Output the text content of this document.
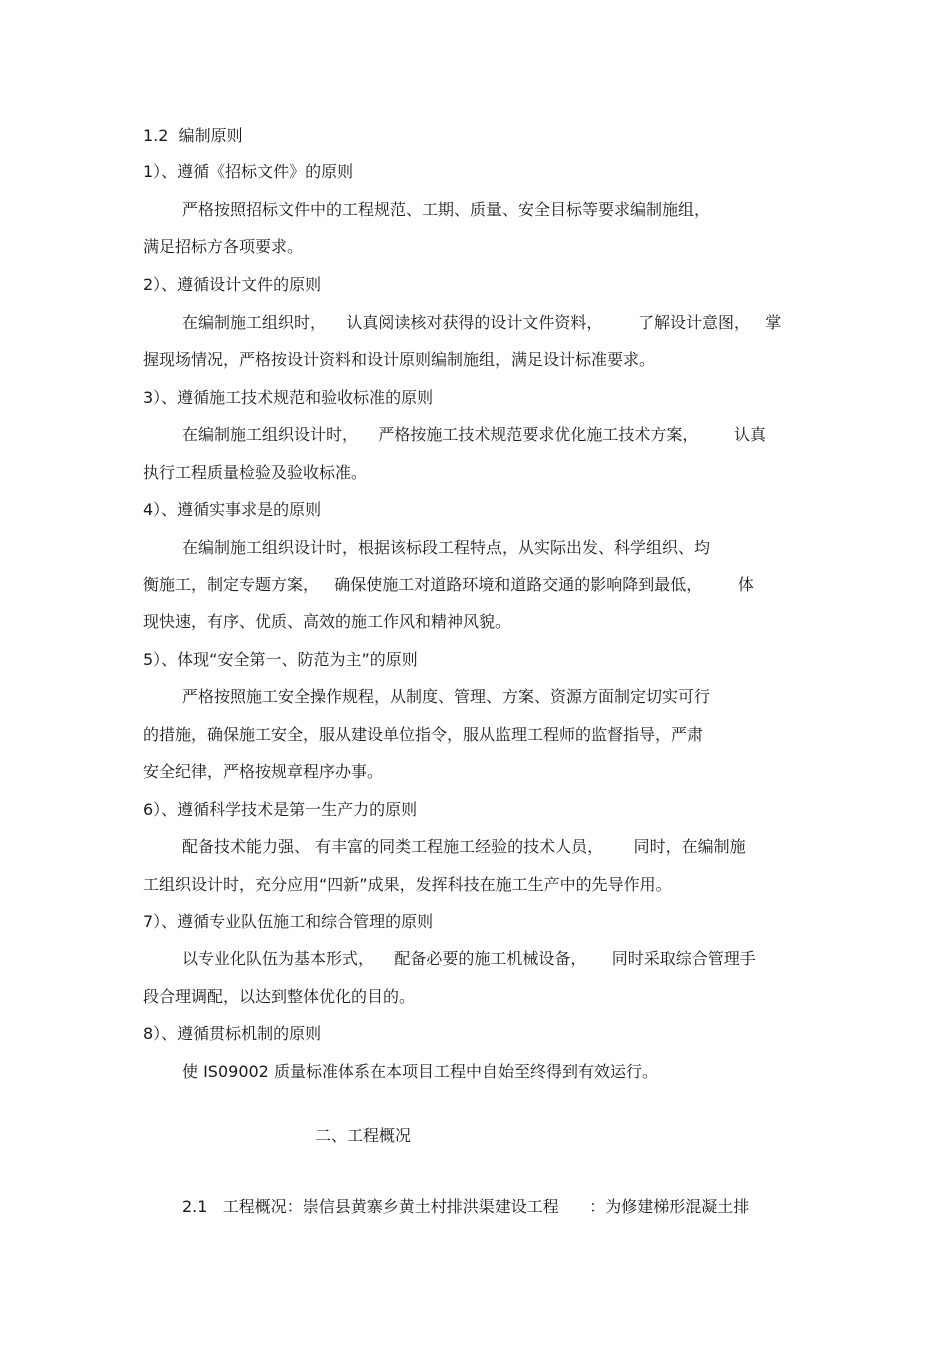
1.2  编制原则

1）、遵循《招标文件》的原则

严格按照招标文件中的工程规范、工期、质量、安全目标等要求编制施组，

满足招标方各项要求。

2）、遵循设计文件的原则

在编制施工组织时，    认真阅读核对获得的设计文件资料，       了解设计意图，   掌

握现场情况，严格按设计资料和设计原则编制施组，满足设计标准要求。

3）、遵循施工技术规范和验收标准的原则

在编制施工组织设计时，    严格按施工技术规范要求优化施工技术方案，       认真

执行工程质量检验及验收标准。

4）、遵循实事求是的原则

在编制施工组织设计时，根据该标段工程特点，从实际出发、科学组织、均

衡施工，制定专题方案，   确保使施工对道路环境和道路交通的影响降到最低，       体

现快速，有序、优质、高效的施工作风和精神风貌。

5）、体现“安全第一、防范为主”的原则

严格按照施工安全操作规程，从制度、管理、方案、资源方面制定切实可行

的措施，确保施工安全，服从建设单位指令，服从监理工程师的监督指导，严肃

安全纪律，严格按规章程序办事。

6）、遵循科学技术是第一生产力的原则

配备技术能力强、 有丰富的同类工程施工经验的技术人员，      同时，在编制施

工组织设计时，充分应用“四新”成果，发挥科技在施工生产中的先导作用。

7）、遵循专业队伍施工和综合管理的原则

以专业化队伍为基本形式，    配备必要的施工机械设备，     同时采取综合管理手

段合理调配，以达到整体优化的目的。

8）、遵循贯标机制的原则

使 IS09002 质量标准体系在本项目工程中自始至终得到有效运行。

二、工程概况

2.1   工程概况：崇信县黄寨乡黄土村排洪渠建设工程      ：为修建梯形混凝土排
